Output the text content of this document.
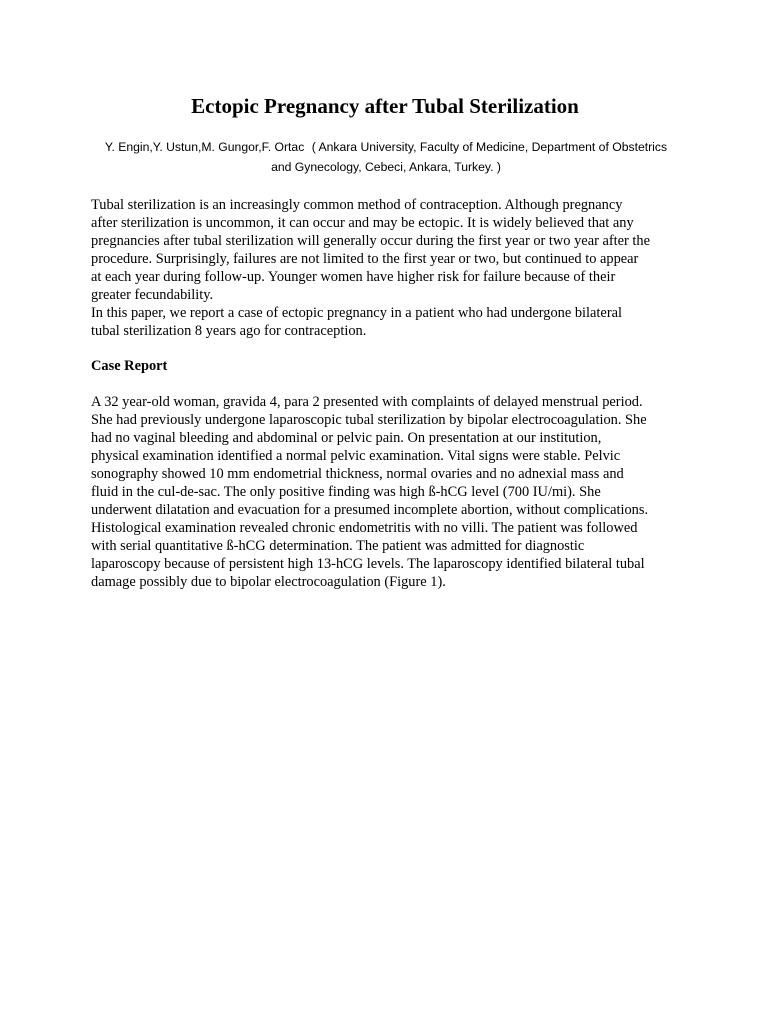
Ectopic Pregnancy after Tubal Sterilization
Y. Engin,Y. Ustun,M. Gungor,F. Ortac ( Ankara University, Faculty of Medicine, Department of Obstetrics
and Gynecology, Cebeci, Ankara, Turkey. )
Tubal sterilization is an increasingly common method of contraception. Although pregnancy
after sterilization is uncommon, it can occur and may be ectopic. It is widely believed that any
pregnancies after tubal sterilization will generally occur during the first year or two year after the
procedure. Surprisingly, failures are not limited to the first year or two, but continued to appear
at each year during follow-up. Younger women have higher risk for failure because of their
greater fecundability.
In this paper, we report a case of ectopic pregnancy in a patient who had undergone bilateral
tubal sterilization 8 years ago for contraception.
Case Report
A 32 year-old woman, gravida 4, para 2 presented with complaints of delayed menstrual period.
She had previously undergone laparoscopic tubal sterilization by bipolar electrocoagulation. She
had no vaginal bleeding and abdominal or pelvic pain. On presentation at our institution,
physical examination identified a normal pelvic examination. Vital signs were stable. Pelvic
sonography showed 10 mm endometrial thickness, normal ovaries and no adnexial mass and
fluid in the cul-de-sac. The only positive finding was high ß-hCG level (700 IU/mi). She
underwent dilatation and evacuation for a presumed incomplete abortion, without complications.
Histological examination revealed chronic endometritis with no villi. The patient was followed
with serial quantitative ß-hCG determination. The patient was admitted for diagnostic
laparoscopy because of persistent high 13-hCG levels. The laparoscopy identified bilateral tubal
damage possibly due to bipolar electrocoagulation (Figure 1).
